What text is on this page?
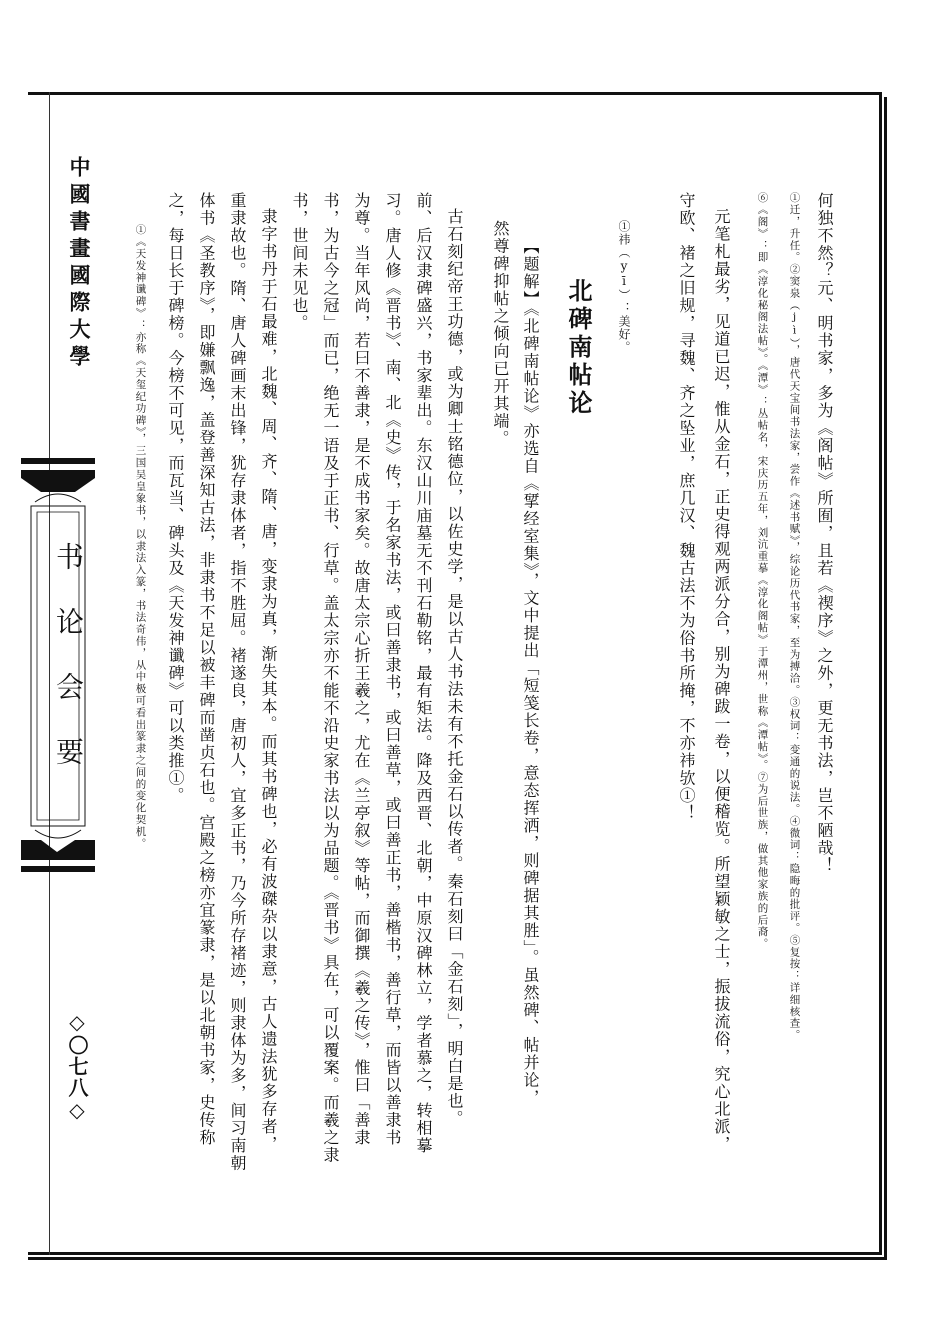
中國書畫國際大學

书论会要

◇〇七八◇

何独不然？元、明书家，多为《阁帖》所囿，且若《禊序》之外，更无书法，岂不陋哉！

①迁，升任。②窦泉（jì），唐代天宝间书法家，尝作《述书赋》，综论历代书家，至为搏洽。③权词：变通的说法。④微词：隐晦的批评。⑤复按：详细核查。

⑥《阁》：即《淳化秘阁法帖》。《潭》：丛帖名，宋庆历五年，刘沆重摹《淳化阁帖》于潭州，世称《潭帖》。⑦为后世族，做其他家族的后裔。

元笔札最劣，见道已迟，惟从金石，正史得观两派分合，别为碑跋一卷，以便稽览。所望颖敏之士，振拔流俗，究心北派，

守欧、褚之旧规，寻魏、齐之坠业，庶几汉、魏古法不为俗书所掩，不亦祎欤①！

①祎（yī）：美好。

北碑南帖论

【题解】《北碑南帖论》亦选自《揅经室集》，文中提出「短笺长卷，意态挥洒，则碑据其胜」。虽然碑、帖并论，

然尊碑抑帖之倾向已开其端。

古石刻纪帝王功德，或为卿士铭德位，以佐史学，是以古人书法未有不托金石以传者。秦石刻曰「金石刻」，明白是也。

前、后汉隶碑盛兴，书家辈出。东汉山川庙墓无不刊石勒铭，最有矩法。降及西晋、北朝，中原汉碑林立，学者慕之，转相摹

习。唐人修《晋书》、南、北《史》传，于名家书法，或曰善隶书，或曰善草，或曰善正书，善楷书，善行草，而皆以善隶书

为尊。当年风尚，若曰不善隶，是不成书家矣。故唐太宗心折王羲之，尤在《兰亭叙》等帖，而御撰《羲之传》，惟曰「善隶

书，为古今之冠」而已，绝无一语及于正书、行草。盖太宗亦不能不沿史家书法以为品题。《晋书》具在，可以覆案。而羲之隶

书，世间未见也。

隶字书丹于石最难，北魏、周、齐、隋、唐，变隶为真，渐失其本。而其书碑也，必有波磔杂以隶意，古人遗法犹多存者，

重隶故也。隋、唐人碑画末出锋，犹存隶体者，指不胜屈。褚遂良，唐初人，宜多正书，乃今所存褚迹，则隶体为多，间习南朝

体书《圣教序》，即嫌飘逸，盖登善深知古法，非隶书不足以被丰碑而凿贞石也。宫殿之榜亦宜篆隶，是以北朝书家，史传称

之，每日长于碑榜。今榜不可见，而瓦当、碑头及《天发神谶碑》可以类推①。

①《天发神谶碑》：亦称《天玺纪功碑》，三国吴皇象书，以隶法入篆，书法奇伟，从中极可看出篆隶之间的变化契机。
